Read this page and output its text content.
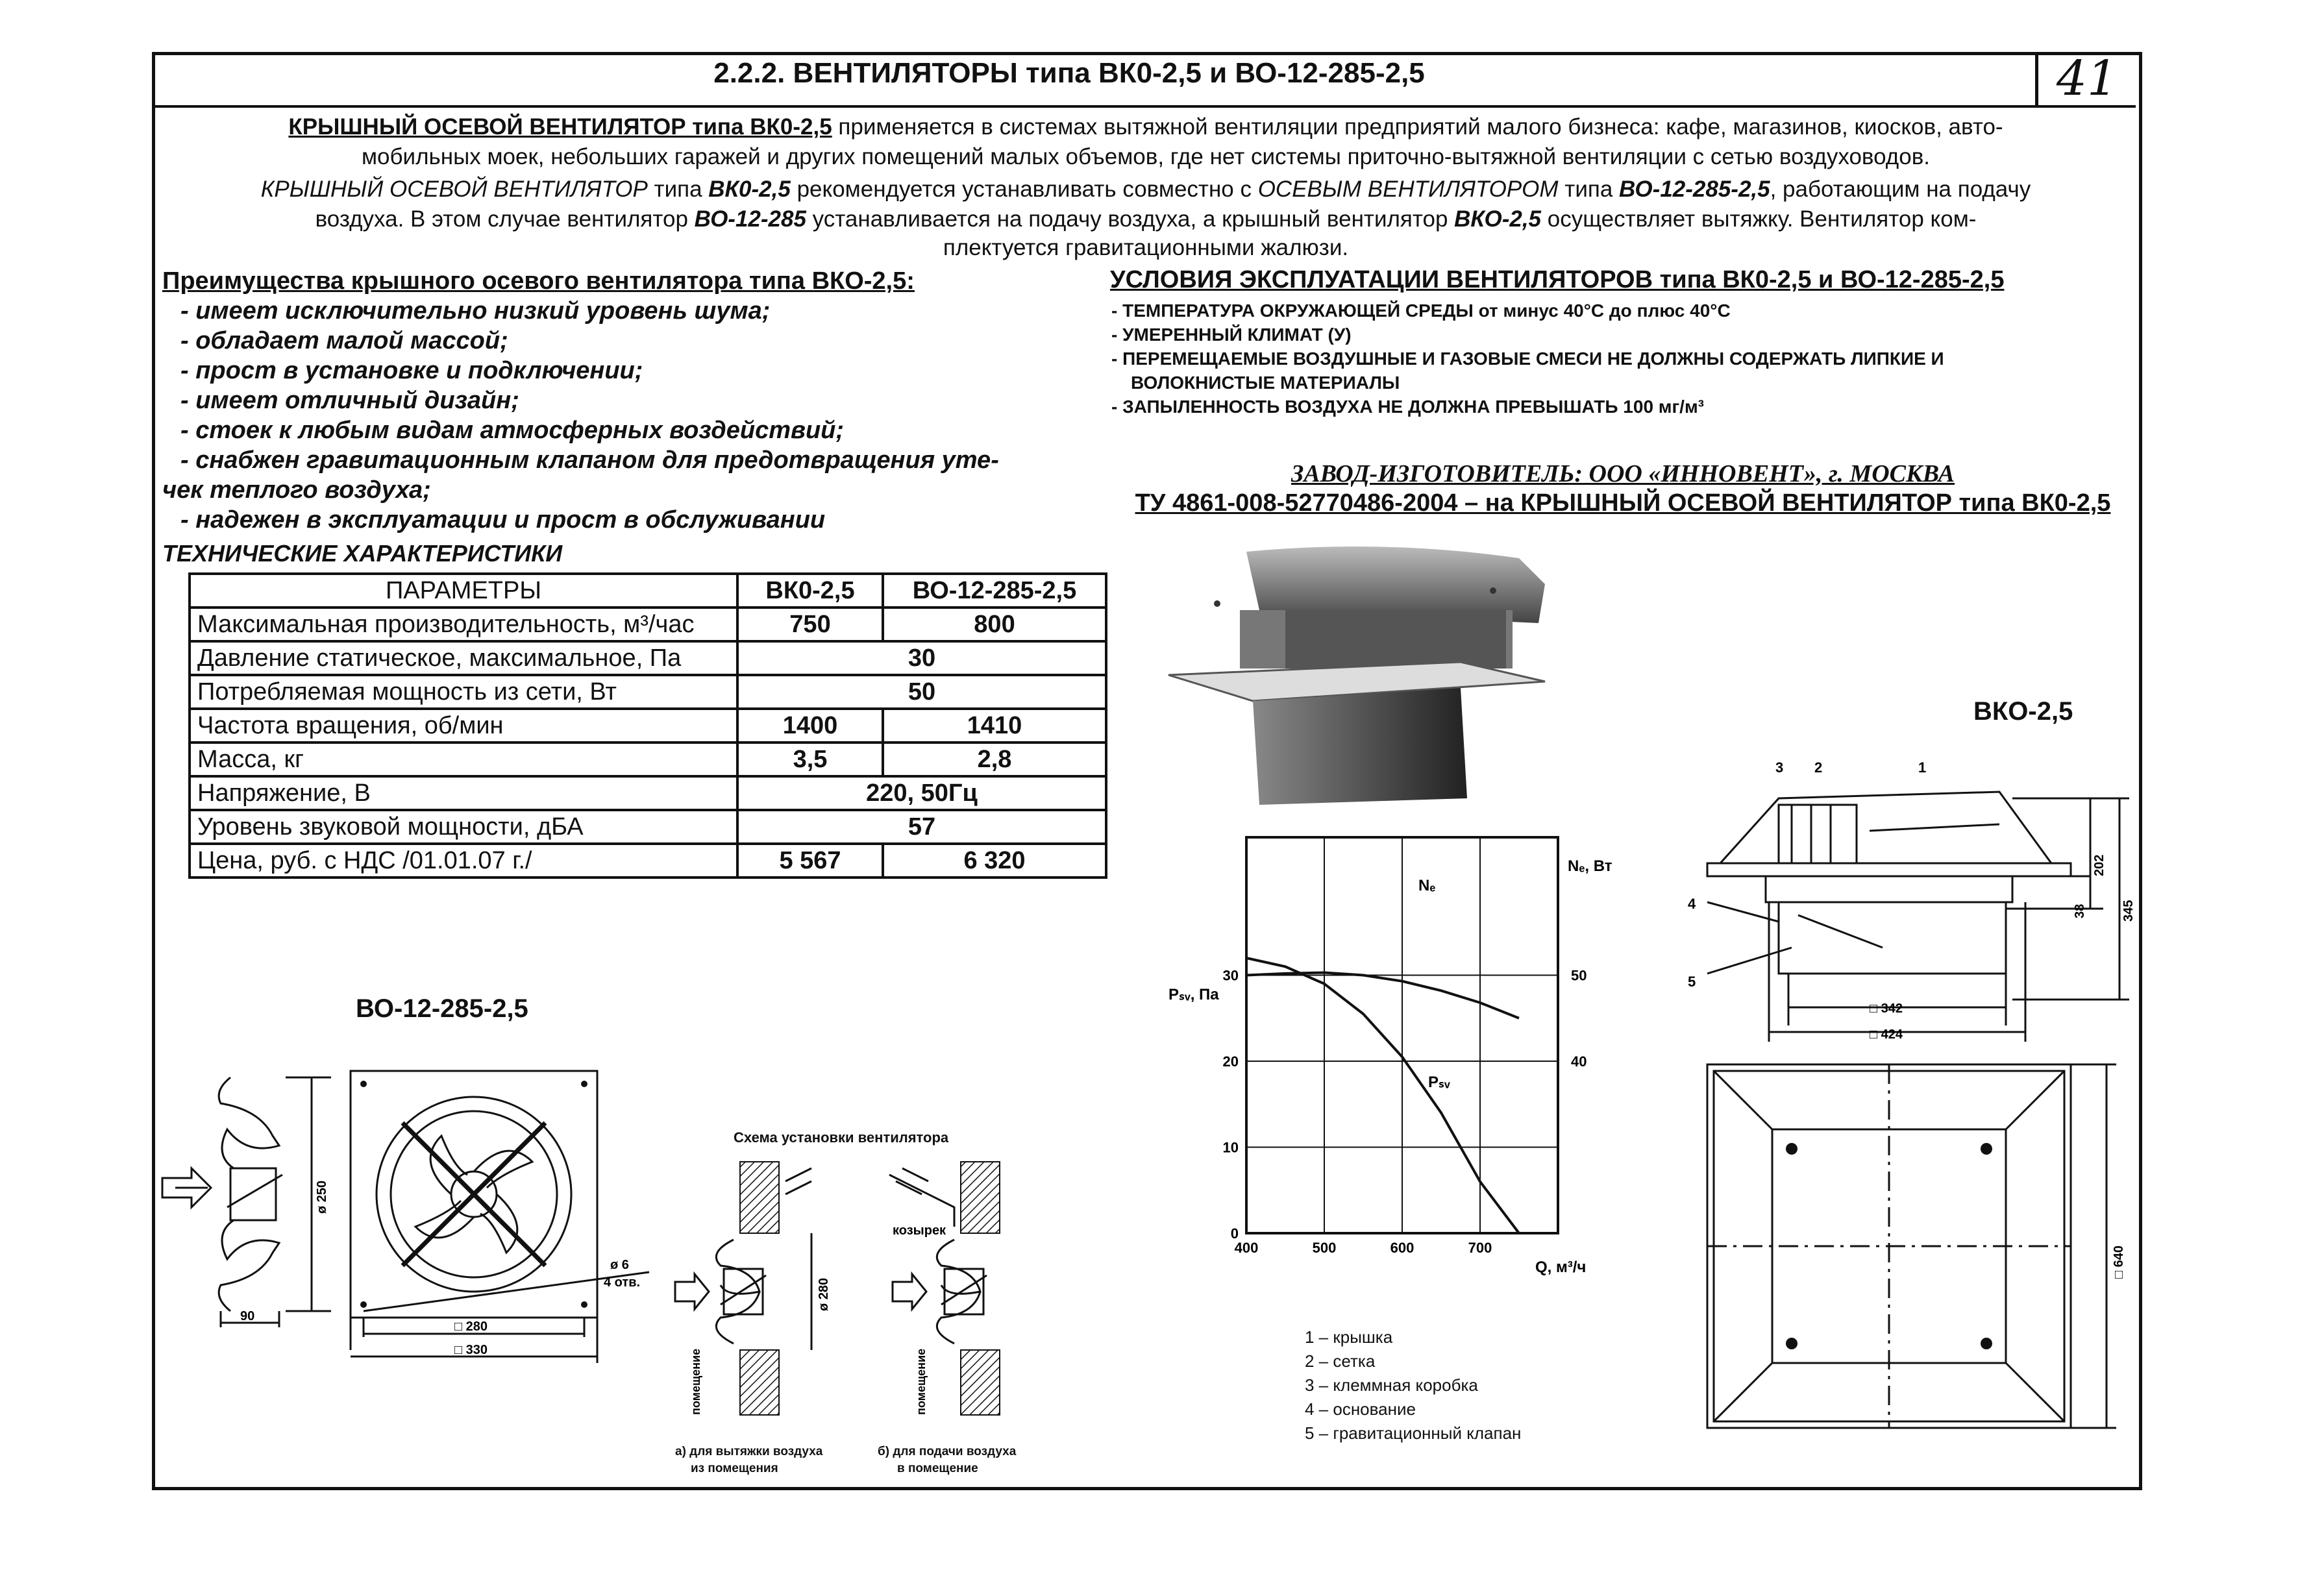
2.2.2. ВЕНТИЛЯТОРЫ типа ВК0-2,5 и ВО-12-285-2,5	41
КРЫШНЫЙ ОСЕВОЙ ВЕНТИЛЯТОР типа ВК0-2,5 применяется в системах вытяжной вентиляции предприятий малого бизнеса: кафе, магазинов, киосков, авто-
мобильных моек, небольших гаражей и других помещений малых объемов, где нет системы приточно-вытяжной вентиляции с сетью воздуховодов.
КРЫШНЫЙ ОСЕВОЙ ВЕНТИЛЯТОР типа ВК0-2,5 рекомендуется устанавливать совместно с ОСЕВЫМ ВЕНТИЛЯТОРОМ типа ВО-12-285-2,5, работающим на подачу
воздуха. В этом случае вентилятор ВО-12-285 устанавливается на подачу воздуха, а крышный вентилятор ВКО-2,5 осуществляет вытяжку. Вентилятор ком-
плектуется гравитационными жалюзи.
Преимущества крышного осевого вентилятора типа ВКО-2,5:
- имеет исключительно низкий уровень шума;
- обладает малой массой;
- прост в установке и подключении;
- имеет отличный дизайн;
- стоек к любым видам атмосферных воздействий;
- снабжен гравитационным клапаном для предотвращения уте-
чек теплого воздуха;
- надежен в эксплуатации и прост в обслуживании
УСЛОВИЯ ЭКСПЛУАТАЦИИ ВЕНТИЛЯТОРОВ типа ВК0-2,5 и ВО-12-285-2,5
- ТЕМПЕРАТУРА ОКРУЖАЮЩЕЙ СРЕДЫ от минус 40°С до плюс 40°С
- УМЕРЕННЫЙ КЛИМАТ (У)
- ПЕРЕМЕЩАЕМЫЕ ВОЗДУШНЫЕ И ГАЗОВЫЕ СМЕСИ НЕ ДОЛЖНЫ СОДЕРЖАТЬ ЛИПКИЕ И
ВОЛОКНИСТЫЕ МАТЕРИАЛЫ
- ЗАПЫЛЕННОСТЬ ВОЗДУХА НЕ ДОЛЖНА ПРЕВЫШАТЬ 100 мг/м³
ЗАВОД-ИЗГОТОВИТЕЛЬ: ООО «ИННОВЕНТ», г. МОСКВА
ТУ 4861-008-52770486-2004 – на КРЫШНЫЙ ОСЕВОЙ ВЕНТИЛЯТОР типа ВК0-2,5
ТЕХНИЧЕСКИЕ ХАРАКТЕРИСТИКИ
ПАРАМЕТРЫ	ВК0-2,5	ВО-12-285-2,5
Максимальная производительность, м³/час	750	800
Давление статическое, максимальное, Па	30	
Потребляемая мощность из сети, Вт	50	
Частота вращения, об/мин	1400	1410
Масса, кг	3,5	2,8
Напряжение, В	220, 50Гц	
Уровень звуковой мощности, дБА	57	
Цена, руб. с НДС /01.01.07 г./	5 567	6 320
400	500	600	700
0
10
20
30
40
50
Pₛᵥ, Па
Nₑ, Вт
Q, м³/ч
Nₑ
Pₛᵥ
ВКО-2,5
3 2	1
4
5
□ 342
□ 424
202
345
38
□ 640
1 – крышка
2 – сетка
3 – клеммная коробка
4 – основание
5 – гравитационный клапан
ВО-12-285-2,5
ø 250
90
□ 280
□ 330
ø 6
4 отв.
Схема установки вентилятора
ø 280
козырек
помещение	помещение
а) для вытяжки воздуха
из помещения
б) для подачи воздуха
в помещение
